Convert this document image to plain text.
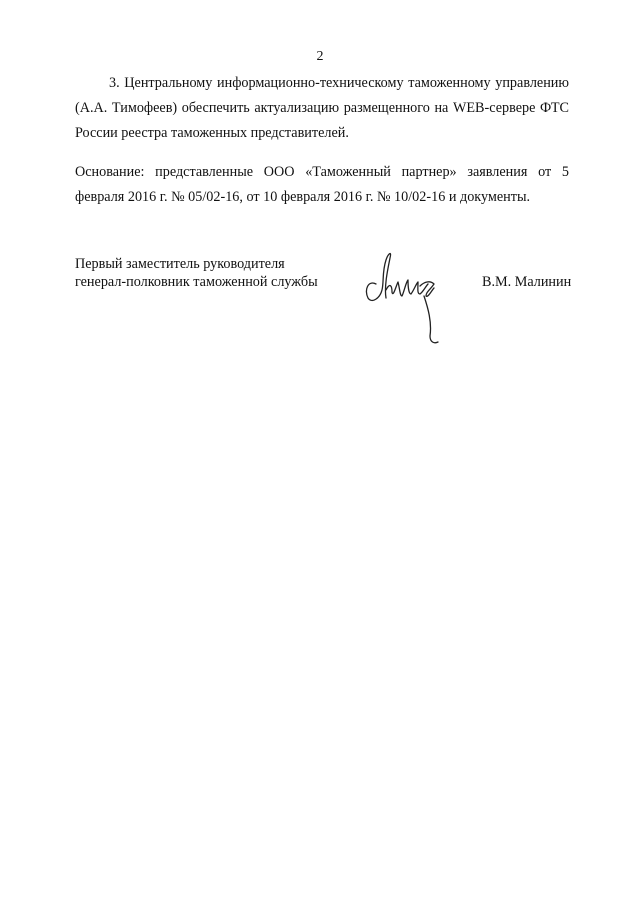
2

3. Центральному информационно-техническому таможенному управлению (А.А. Тимофеев) обеспечить актуализацию размещенного на WEB-сервере ФТС России реестра таможенных представителей.

Основание: представленные ООО «Таможенный партнер» заявления от 5 февраля 2016 г. № 05/02-16, от 10 февраля 2016 г. № 10/02-16 и документы.

Первый заместитель руководителя
генерал-полковник таможенной службы	В.М. Малинин
